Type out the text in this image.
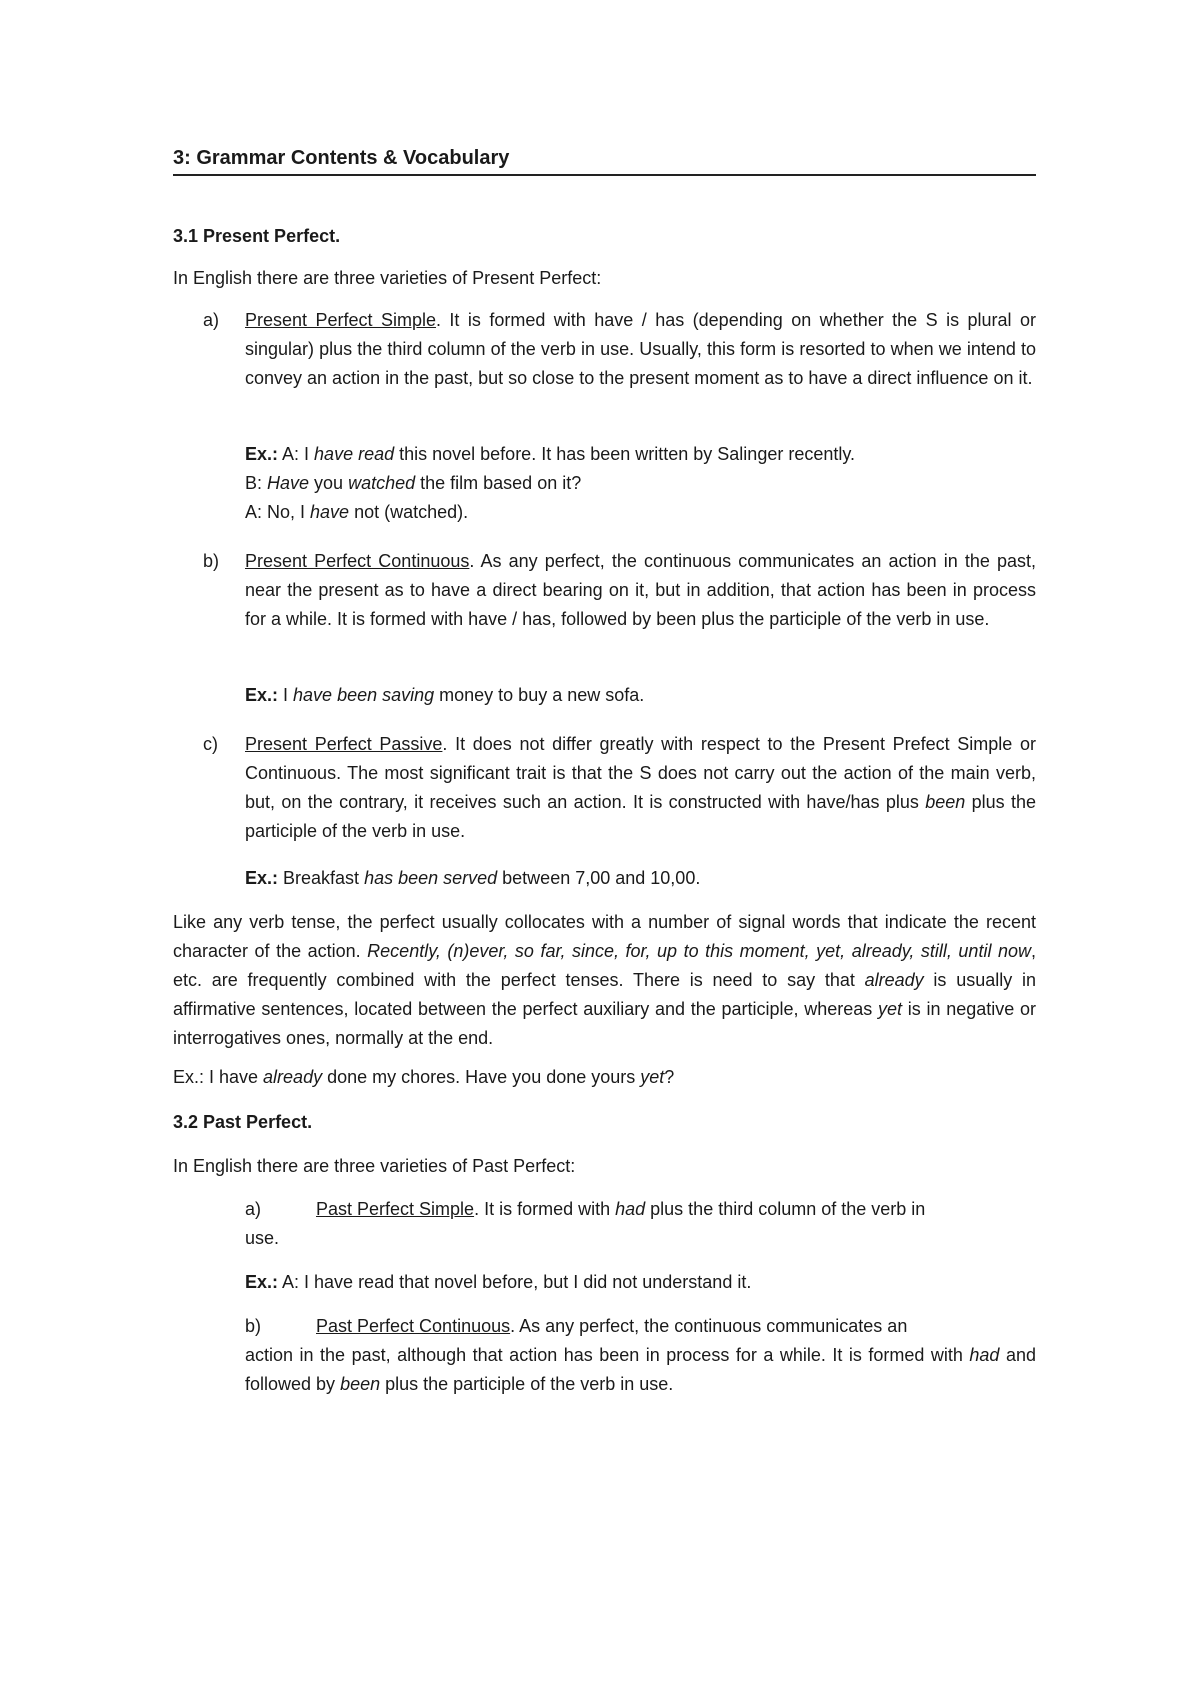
3: Grammar Contents & Vocabulary
3.1 Present Perfect.
In English there are three varieties of Present Perfect:
a) Present Perfect Simple. It is formed with have / has (depending on whether the S is plural or singular) plus the third column of the verb in use. Usually, this form is resorted to when we intend to convey an action in the past, but so close to the present moment as to have a direct influence on it.
Ex.: A: I have read this novel before. It has been written by Salinger recently.
B: Have you watched the film based on it?
A: No, I have not (watched).
b) Present Perfect Continuous. As any perfect, the continuous communicates an action in the past, near the present as to have a direct bearing on it, but in addition, that action has been in process for a while. It is formed with have / has, followed by been plus the participle of the verb in use.
Ex.: I have been saving money to buy a new sofa.
c) Present Perfect Passive. It does not differ greatly with respect to the Present Prefect Simple or Continuous. The most significant trait is that the S does not carry out the action of the main verb, but, on the contrary, it receives such an action. It is constructed with have/has plus been plus the participle of the verb in use.
Ex.: Breakfast has been served between 7,00 and 10,00.
Like any verb tense, the perfect usually collocates with a number of signal words that indicate the recent character of the action. Recently, (n)ever, so far, since, for, up to this moment, yet, already, still, until now, etc. are frequently combined with the perfect tenses. There is need to say that already is usually in affirmative sentences, located between the perfect auxiliary and the participle, whereas yet is in negative or interrogatives ones, normally at the end.
Ex.: I have already done my chores. Have you done yours yet?
3.2 Past Perfect.
In English there are three varieties of Past Perfect:
a)	Past Perfect Simple. It is formed with had plus the third column of the verb in
use.
Ex.: A: I have read that novel before, but I did not understand it.
b)	Past Perfect Continuous. As any perfect, the continuous communicates an
action in the past, although that action has been in process for a while. It is formed with had and followed by been plus the participle of the verb in use.
